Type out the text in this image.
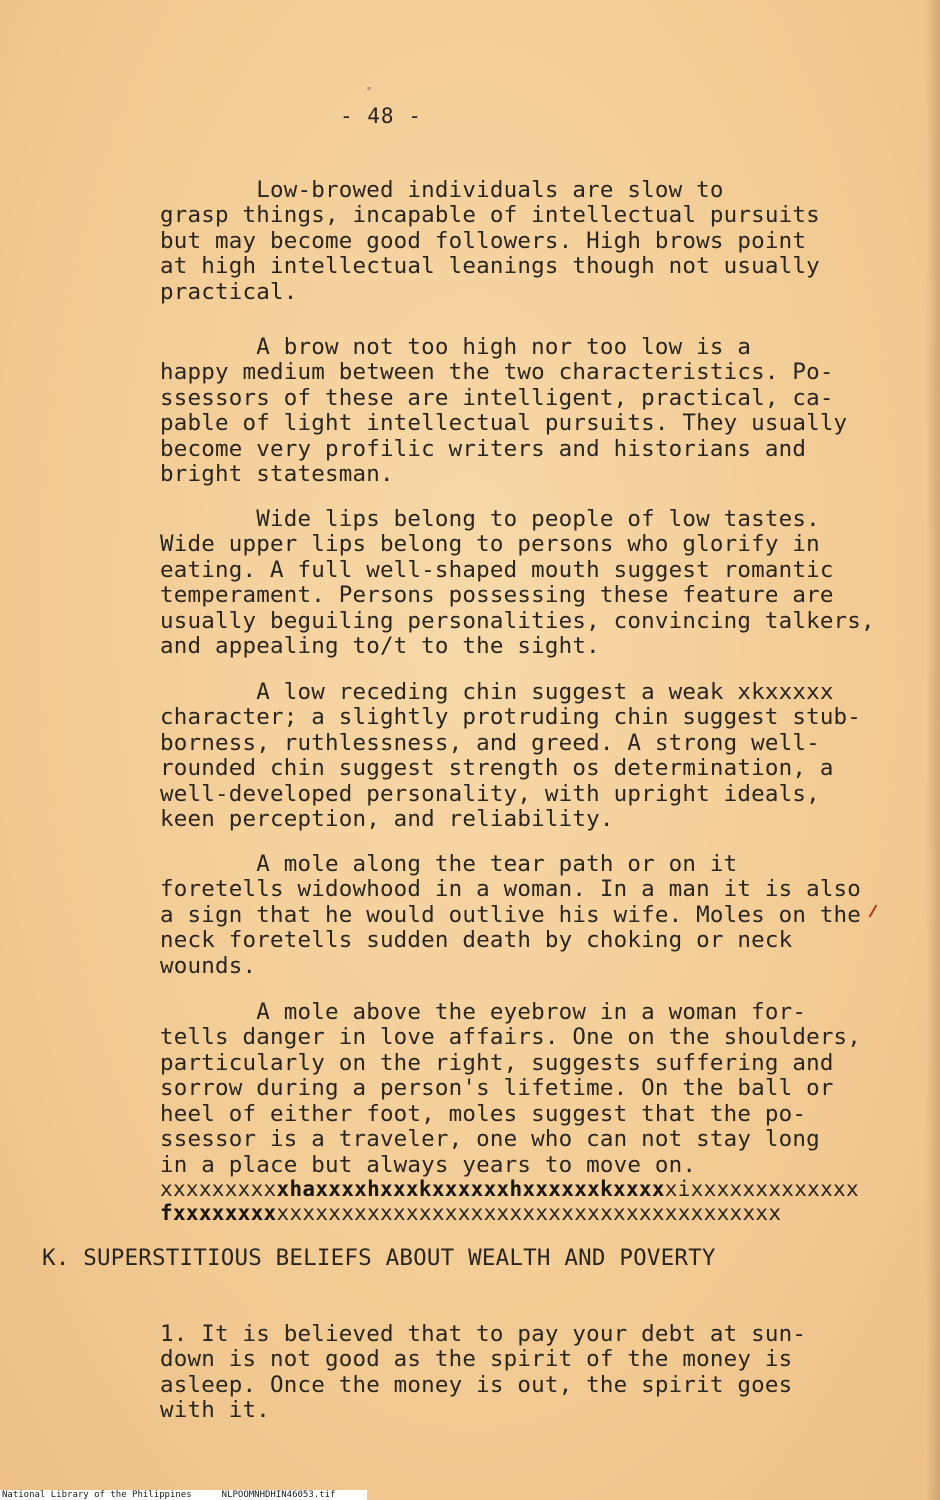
"
- 48 -

Low-browed individuals are slow to
grasp things, incapable of intellectual pursuits
but may become good followers. High brows point
at high intellectual leanings though not usually
practical.

A brow not too high nor too low is a
happy medium between the two characteristics. Po-
ssessors of these are intelligent, practical, ca-
pable of light intellectual pursuits. They usually
become very profilic writers and historians and
bright statesman.

Wide lips belong to people of low tastes.
Wide upper lips belong to persons who glorify in
eating. A full well-shaped mouth suggest romantic
temperament. Persons possessing these feature are
usually beguiling personalities, convincing talkers,
and appealing to/t to the sight.

A low receding chin suggest a weak xkxxxxx
character; a slightly protruding chin suggest stub-
borness, ruthlessness, and greed. A strong well-
rounded chin suggest strength os determination, a
well-developed personality, with upright ideals,
keen perception, and reliability.

A mole along the tear path or on it
foretells widowhood in a woman. In a man it is also
a sign that he would outlive his wife. Moles on the
neck foretells sudden death by choking or neck
wounds.

A mole above the eyebrow in a woman for-
tells danger in love affairs. One on the shoulders,
particularly on the right, suggests suffering and
sorrow during a person's lifetime. On the ball or
heel of either foot, moles suggest that the po-
ssessor is a traveler, one who can not stay long
in a place but always years to move on.

xxxxxxxxxxhaxxxxhxxxkxxxxxxhxxxxxxkxxxxxixxxxxxxxxxxxx
fxxxxxxxxxxxxxxxxxxxxxxxxxxxxxxxxxxxxxxxxxxxxxxx
K. SUPERSTITIOUS BELIEFS ABOUT WEALTH AND POVERTY

1. It is believed that to pay your debt at sun-
down is not good as the spirit of the money is
asleep. Once the money is out, the spirit goes
with it.

National Library of the Philippines	NLPOOMNHDHIN46053.tif
